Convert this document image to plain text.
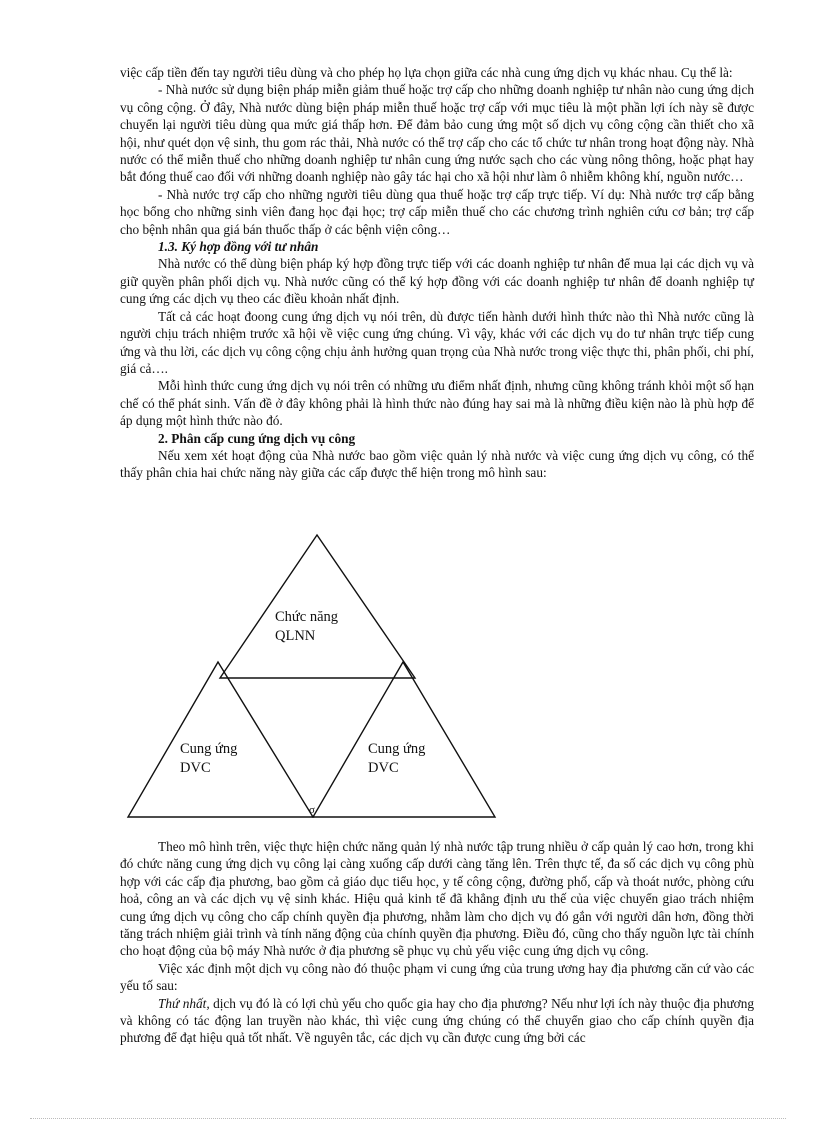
việc cấp tiền đến tay người tiêu dùng và cho phép họ lựa chọn giữa các nhà cung ứng dịch vụ khác nhau. Cụ thể là:

- Nhà nước sử dụng biện pháp miễn giảm thuế hoặc trợ cấp cho những doanh nghiệp tư nhân nào cung ứng dịch vụ công cộng. Ở đây, Nhà nước dùng biện pháp miễn thuế hoặc trợ cấp với mục tiêu là một phần lợi ích này sẽ được chuyển lại người tiêu dùng qua mức giá thấp hơn. Để đảm bảo cung ứng một số dịch vụ công cộng cần thiết cho xã hội, như quét dọn vệ sinh, thu gom rác thải, Nhà nước có thể trợ cấp cho các tổ chức tư nhân trong hoạt động này. Nhà nước có thể miễn thuế cho những doanh nghiệp tư nhân cung ứng nước sạch cho các vùng nông thông, hoặc phạt hay bắt đóng thuế cao đối với những doanh nghiệp nào gây tác hại cho xã hội như làm ô nhiễm không khí, nguồn nước…

- Nhà nước trợ cấp cho những người tiêu dùng qua thuế hoặc trợ cấp trực tiếp. Ví dụ: Nhà nước trợ cấp bằng học bổng cho những sinh viên đang học đại học; trợ cấp miễn thuế cho các chương trình nghiên cứu cơ bản; trợ cấp cho bệnh nhân qua giá bán thuốc thấp ở các bệnh viện công…

1.3. Ký hợp đồng với tư nhân

Nhà nước có thể dùng biện pháp ký hợp đồng trực tiếp với các doanh nghiệp tư nhân để mua lại các dịch vụ và giữ quyền phân phối dịch vụ. Nhà nước cũng có thể ký hợp đồng với các doanh nghiệp tư nhân để doanh nghiệp tự cung ứng các dịch vụ theo các điều khoản nhất định.

Tất cả các hoạt đoong cung ứng dịch vụ nói trên, dù được tiến hành dưới hình thức nào thì Nhà nước cũng là người chịu trách nhiệm trước xã hội về việc cung ứng chúng. Vì vậy, khác với các dịch vụ do tư nhân trực tiếp cung ứng và thu lời, các dịch vụ công cộng chịu ảnh hưởng quan trọng của Nhà nước trong việc thực thi, phân phối, chi phí, giá cả….

Mỗi hình thức cung ứng dịch vụ nói trên có những ưu điểm nhất định, nhưng cũng không tránh khỏi một số hạn chế có thể phát sinh. Vấn đề ở đây không phải là hình thức nào đúng hay sai mà là những điều kiện nào là phù hợp để áp dụng một hình thức nào đó.

2. Phân cấp cung ứng dịch vụ công

Nếu xem xét hoạt động của Nhà nước bao gồm việc quản lý nhà nước và việc cung ứng dịch vụ công, có thể thấy phân chia hai chức năng này giữa các cấp được thể hiện trong mô hình sau:

Chức năng
QLNN
Cung ứng
DVC
Cung ứng
DVC
σ

Theo mô hình trên, việc thực hiện chức năng quản lý nhà nước tập trung nhiều ở cấp quản lý cao hơn, trong khi đó chức năng cung ứng dịch vụ công lại càng xuống cấp dưới càng tăng lên. Trên thực tế, đa số các dịch vụ công phù hợp với các cấp địa phương, bao gồm cả giáo dục tiểu học, y tế công cộng, đường phố, cấp và thoát nước, phòng cứu hoả, công an và các dịch vụ vệ sinh khác. Hiệu quả kinh tế đã khẳng định ưu thế của việc chuyển giao trách nhiệm cung ứng dịch vụ công cho cấp chính quyền địa phương, nhằm làm cho dịch vụ đó gắn với người dân hơn, đồng thời tăng trách nhiệm giải trình và tính năng động của chính quyền địa phương. Điều đó, cũng cho thấy nguồn lực tài chính cho hoạt động của bộ máy Nhà nước ở địa phương sẽ phục vụ chủ yếu việc cung ứng dịch vụ công.

Việc xác định một dịch vụ công nào đó thuộc phạm vi cung ứng của trung ương hay địa phương căn cứ vào các yếu tố sau:

Thứ nhất, dịch vụ đó là có lợi chủ yếu cho quốc gia hay cho địa phương? Nếu như lợi ích này thuộc địa phương và không có tác động lan truyền nào khác, thì việc cung ứng chúng có thể chuyển giao cho cấp chính quyền địa phương để đạt hiệu quả tốt nhất. Về nguyên tắc, các dịch vụ cần được cung ứng bởi các
